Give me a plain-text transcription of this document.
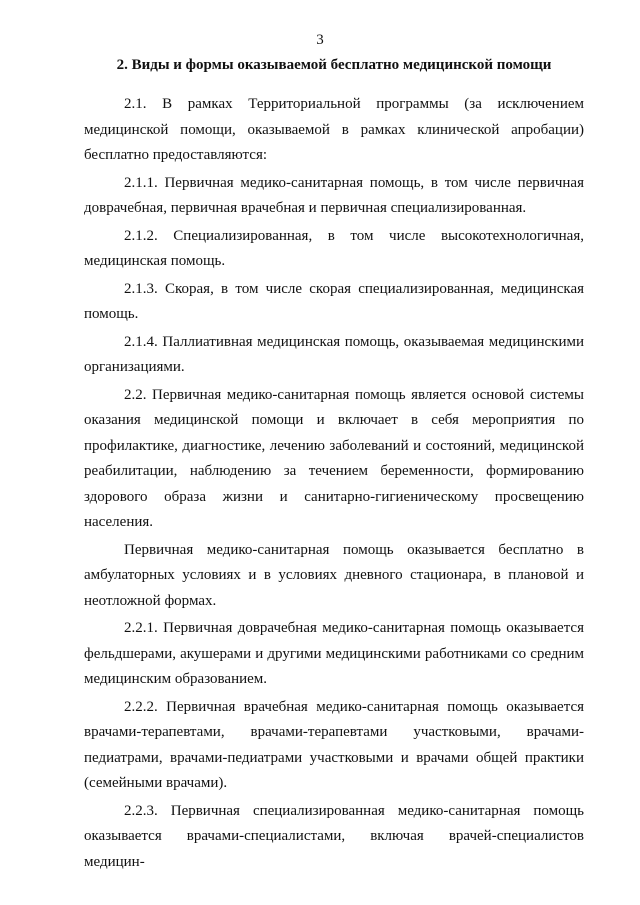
3
2. Виды и формы оказываемой бесплатно медицинской помощи

2.1. В рамках Территориальной программы (за исключением медицинской помощи, оказываемой в рамках клинической апробации) бесплатно предоставляются:

2.1.1. Первичная медико-санитарная помощь, в том числе первичная доврачебная, первичная врачебная и первичная специализированная.

2.1.2. Специализированная, в том числе высокотехнологичная, медицинская помощь.

2.1.3. Скорая, в том числе скорая специализированная, медицинская помощь.

2.1.4. Паллиативная медицинская помощь, оказываемая медицинскими организациями.

2.2. Первичная медико-санитарная помощь является основой системы оказания медицинской помощи и включает в себя мероприятия по профилактике, диагностике, лечению заболеваний и состояний, медицинской реабилитации, наблюдению за течением беременности, формированию здорового образа жизни и санитарно-гигиеническому просвещению населения.

Первичная медико-санитарная помощь оказывается бесплатно в амбулаторных условиях и в условиях дневного стационара, в плановой и неотложной формах.

2.2.1. Первичная доврачебная медико-санитарная помощь оказывается фельдшерами, акушерами и другими медицинскими работниками со средним медицинским образованием.

2.2.2. Первичная врачебная медико-санитарная помощь оказывается врачами-терапевтами, врачами-терапевтами участковыми, врачами-педиатрами, врачами-педиатрами участковыми и врачами общей практики (семейными врачами).

2.2.3. Первичная специализированная медико-санитарная помощь оказывается врачами-специалистами, включая врачей-специалистов медицин-
